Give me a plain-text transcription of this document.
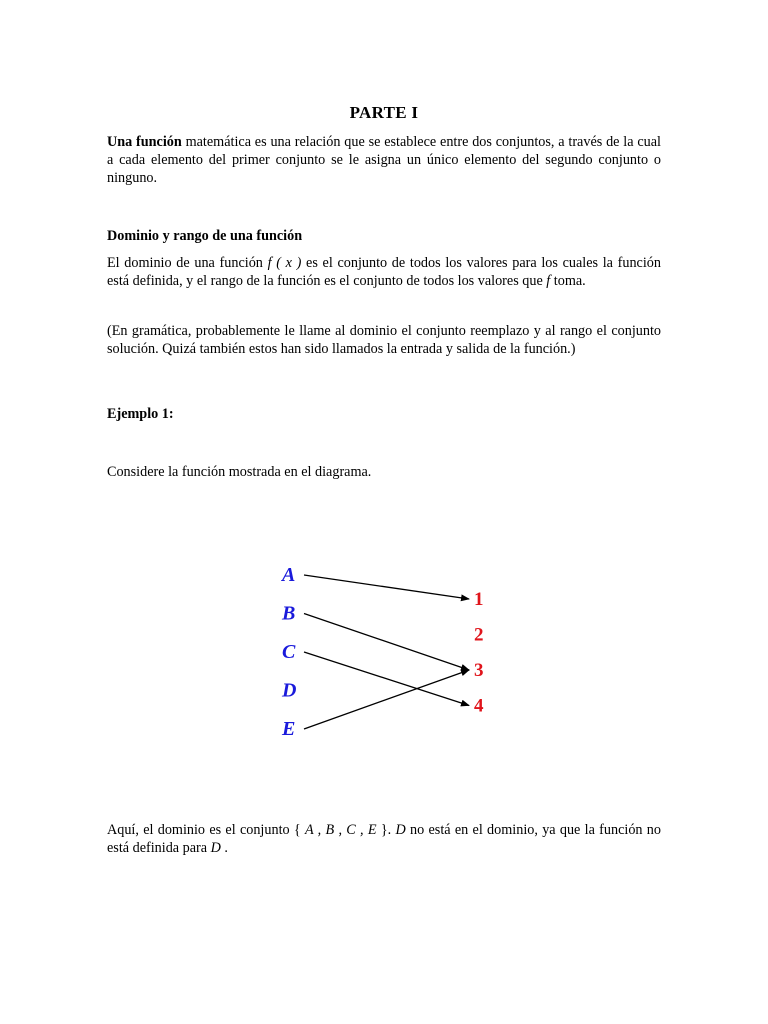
PARTE I
Una función matemática es una relación que se establece entre dos conjuntos, a través de la cual a cada elemento del primer conjunto se le asigna un único elemento del segundo conjunto o ninguno.
Dominio y rango de una función
El dominio de una función f ( x ) es el conjunto de todos los valores para los cuales la función está definida, y el rango de la función es el conjunto de todos los valores que f toma.
(En gramática, probablemente le llame al dominio el conjunto reemplazo y al rango el conjunto solución. Quizá también estos han sido llamados la entrada y salida de la función.)
Ejemplo 1:
Considere la función mostrada en el diagrama.
Aquí, el dominio es el conjunto { A , B , C , E }. D no está en el dominio, ya que la función no está definida para D .
A
B
C
D
E
1
2
3
4
